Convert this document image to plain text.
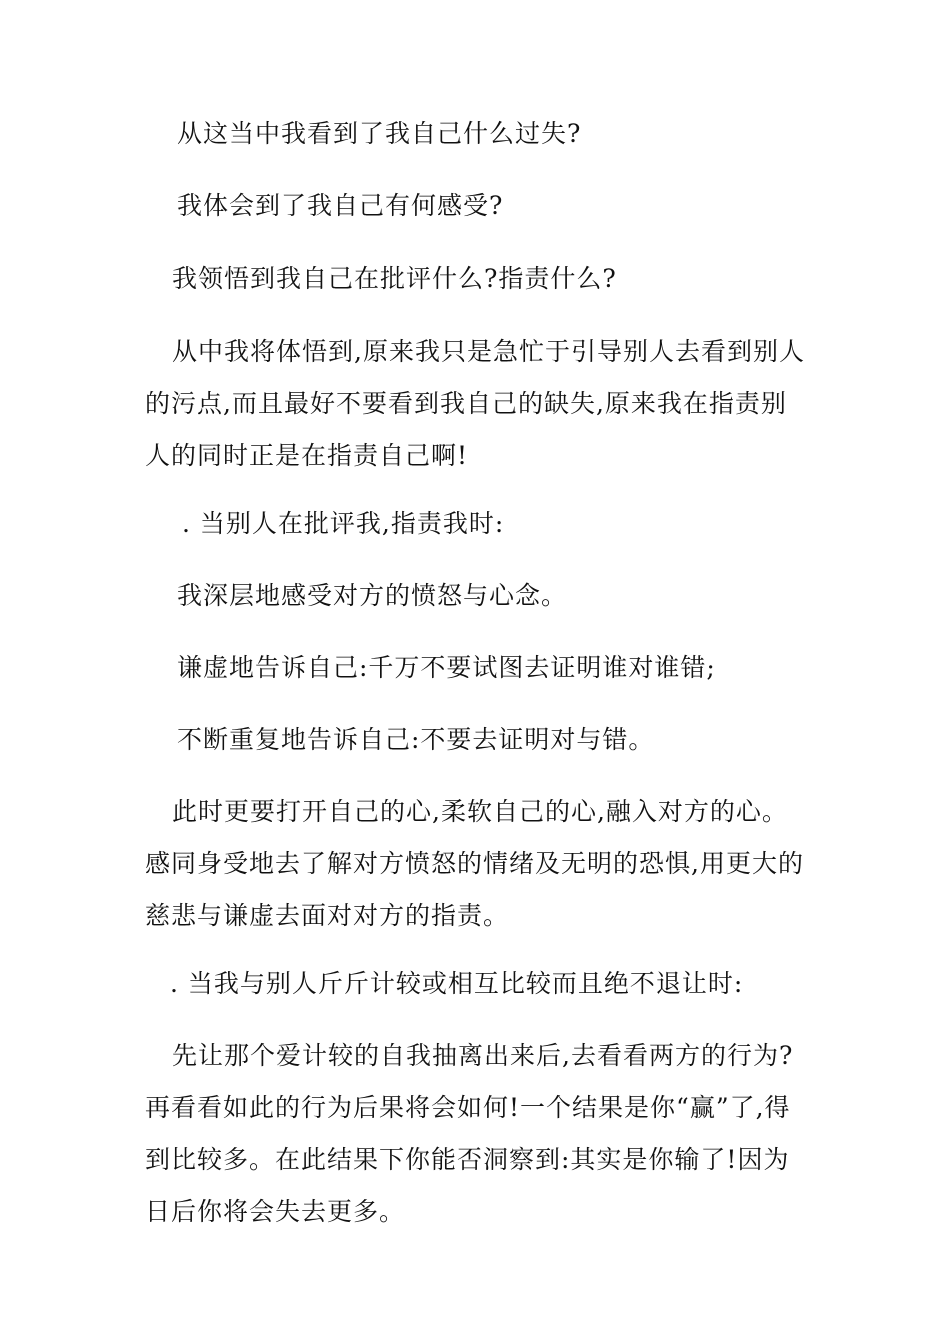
从这当中我看到了我自己什么过失?

我体会到了我自己有何感受?

我领悟到我自己在批评什么?指责什么?

从中我将体悟到,原来我只是急忙于引导别人去看到别人的污点,而且最好不要看到我自己的缺失,原来我在指责别人的同时正是在指责自己啊!

. 当别人在批评我,指责我时:

我深层地感受对方的愤怒与心念。

谦虚地告诉自己:千万不要试图去证明谁对谁错;

不断重复地告诉自己:不要去证明对与错。

此时更要打开自己的心,柔软自己的心,融入对方的心。感同身受地去了解对方愤怒的情绪及无明的恐惧,用更大的慈悲与谦虚去面对对方的指责。

. 当我与别人斤斤计较或相互比较而且绝不退让时:

先让那个爱计较的自我抽离出来后,去看看两方的行为?再看看如此的行为后果将会如何!一个结果是你“赢”了,得到比较多。在此结果下你能否洞察到:其实是你输了!因为日后你将会失去更多。
